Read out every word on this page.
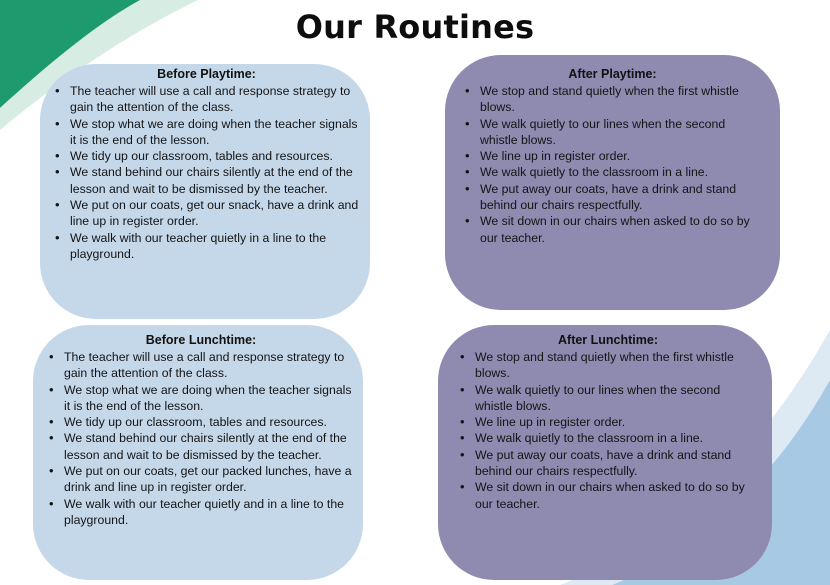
Our Routines
Before Playtime:
• The teacher will use a call and response strategy to gain the attention of the class.
• We stop what we are doing when the teacher signals it is the end of the lesson.
• We tidy up our classroom, tables and resources.
• We stand behind our chairs silently at the end of the lesson and wait to be dismissed by the teacher.
• We put on our coats, get our snack, have a drink and line up in register order.
• We walk with our teacher quietly in a line to the playground.
After Playtime:
• We stop and stand quietly when the first whistle blows.
• We walk quietly to our lines when the second whistle blows.
• We line up in register order.
• We walk quietly to the classroom in a line.
• We put away our coats, have a drink and stand behind our chairs respectfully.
• We sit down in our chairs when asked to do so by our teacher.
Before Lunchtime:
• The teacher will use a call and response strategy to gain the attention of the class.
• We stop what we are doing when the teacher signals it is the end of the lesson.
• We tidy up our classroom, tables and resources.
• We stand behind our chairs silently at the end of the lesson and wait to be dismissed by the teacher.
• We put on our coats, get our packed lunches, have a drink and line up in register order.
• We walk with our teacher quietly and in a line to the playground.
After Lunchtime:
• We stop and stand quietly when the first whistle blows.
• We walk quietly to our lines when the second whistle blows.
• We line up in register order.
• We walk quietly to the classroom in a line.
• We put away our coats, have a drink and stand behind our chairs respectfully.
• We sit down in our chairs when asked to do so by our teacher.
